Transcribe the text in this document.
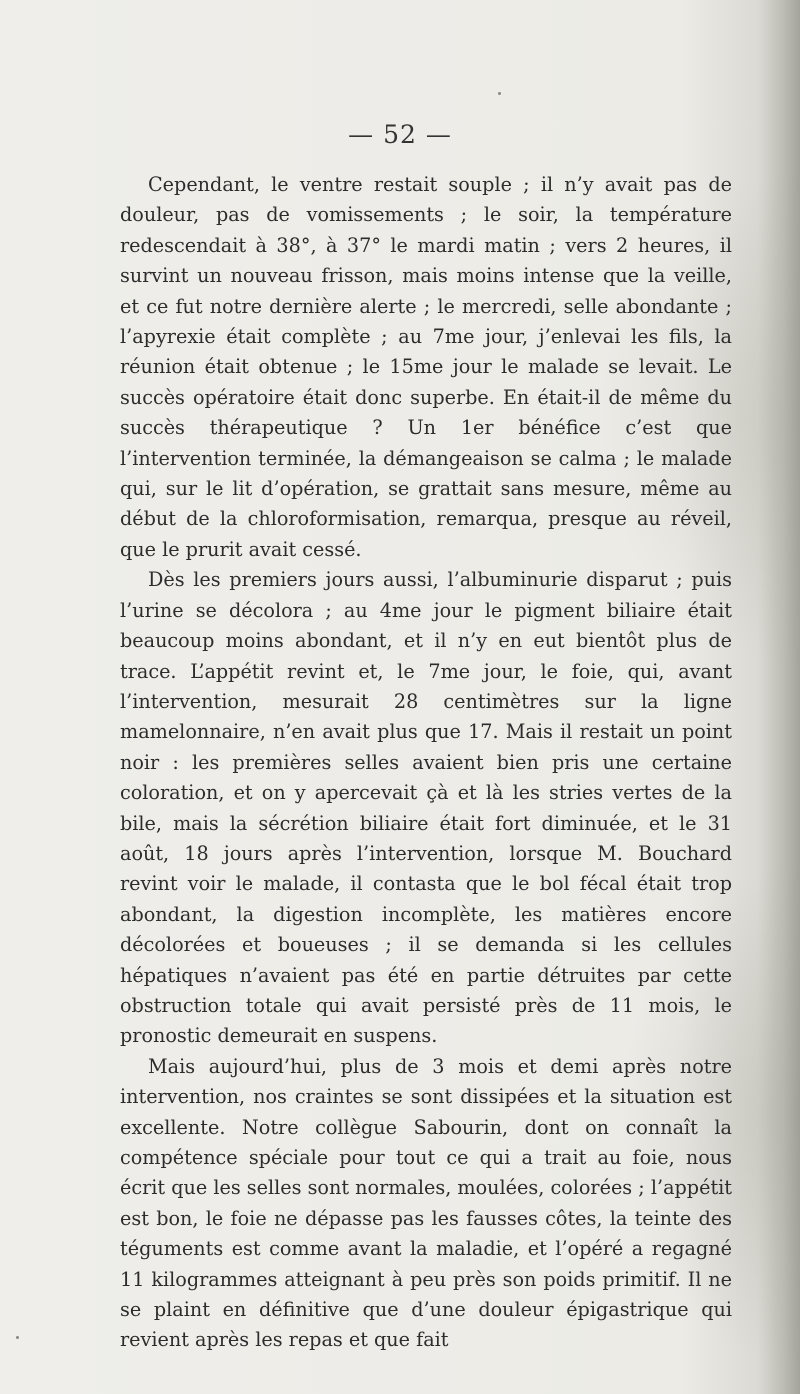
— 52 —

Cependant, le ventre restait souple ; il n’y avait pas de douleur, pas de vomissements ; le soir, la température redescendait à 38°, à 37° le mardi matin ; vers 2 heures, il survint un nouveau frisson, mais moins intense que la veille, et ce fut notre dernière alerte ; le mercredi, selle abondante ; l’apyrexie était complète ; au 7me jour, j’enlevai les fils, la réunion était obtenue ; le 15me jour le malade se levait. Le succès opératoire était donc superbe. En était-il de même du succès thérapeutique ? Un 1er bénéfice c’est que l’intervention terminée, la démangeaison se calma ; le malade qui, sur le lit d’opération, se grattait sans mesure, même au début de la chloroformisation, remarqua, presque au réveil, que le prurit avait cessé.

Dès les premiers jours aussi, l’albuminurie disparut ; puis l’urine se décolora ; au 4me jour le pigment biliaire était beaucoup moins abondant, et il n’y en eut bientôt plus de trace. L’appétit revint et, le 7me jour, le foie, qui, avant l’intervention, mesurait 28 centimètres sur la ligne mamelonnaire, n’en avait plus que 17. Mais il restait un point noir : les premières selles avaient bien pris une certaine coloration, et on y apercevait çà et là les stries vertes de la bile, mais la sécrétion biliaire était fort diminuée, et le 31 août, 18 jours après l’intervention, lorsque M. Bouchard revint voir le malade, il contasta que le bol fécal était trop abondant, la digestion incomplète, les matières encore décolorées et boueuses ; il se demanda si les cellules hépatiques n’avaient pas été en partie détruites par cette obstruction totale qui avait persisté près de 11 mois, le pronostic demeurait en suspens.

Mais aujourd’hui, plus de 3 mois et demi après notre intervention, nos craintes se sont dissipées et la situation est excellente. Notre collègue Sabourin, dont on connaît la compétence spéciale pour tout ce qui a trait au foie, nous écrit que les selles sont normales, moulées, colorées ; l’appétit est bon, le foie ne dépasse pas les fausses côtes, la teinte des téguments est comme avant la maladie, et l’opéré a regagné 11 kilogrammes atteignant à peu près son poids primitif. Il ne se plaint en définitive que d’une douleur épigastrique qui revient après les repas et que fait
